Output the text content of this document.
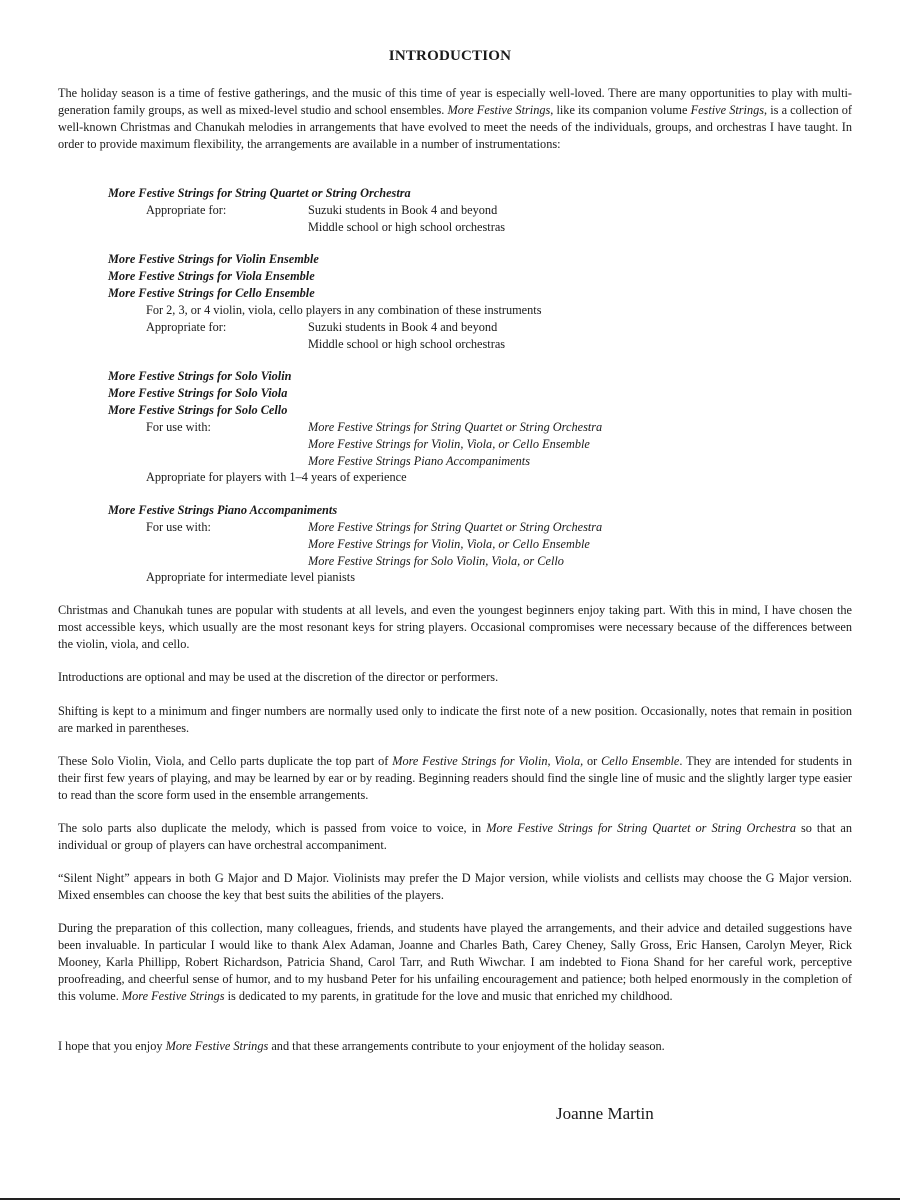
INTRODUCTION

The holiday season is a time of festive gatherings, and the music of this time of year is especially well-loved. There are many opportunities to play with multi-generation family groups, as well as mixed-level studio and school ensembles. More Festive Strings, like its companion volume Festive Strings, is a collection of well-known Christmas and Chanukah melodies in arrangements that have evolved to meet the needs of the individuals, groups, and orchestras I have taught. In order to provide maximum flexibility, the arrangements are available in a number of instrumentations:

More Festive Strings for String Quartet or String Orchestra
Appropriate for:	Suzuki students in Book 4 and beyond
Middle school or high school orchestras
More Festive Strings for Violin Ensemble
More Festive Strings for Viola Ensemble
More Festive Strings for Cello Ensemble
For 2, 3, or 4 violin, viola, cello players in any combination of these instruments
Appropriate for:	Suzuki students in Book 4 and beyond
Middle school or high school orchestras
More Festive Strings for Solo Violin
More Festive Strings for Solo Viola
More Festive Strings for Solo Cello
For use with:	More Festive Strings for String Quartet or String Orchestra
More Festive Strings for Violin, Viola, or Cello Ensemble
More Festive Strings Piano Accompaniments
Appropriate for players with 1–4 years of experience
More Festive Strings Piano Accompaniments
For use with:	More Festive Strings for String Quartet or String Orchestra
More Festive Strings for Violin, Viola, or Cello Ensemble
More Festive Strings for Solo Violin, Viola, or Cello
Appropriate for intermediate level pianists

Christmas and Chanukah tunes are popular with students at all levels, and even the youngest beginners enjoy taking part. With this in mind, I have chosen the most accessible keys, which usually are the most resonant keys for string players. Occasional compromises were necessary because of the differences between the violin, viola, and cello.

Introductions are optional and may be used at the discretion of the director or performers.

Shifting is kept to a minimum and finger numbers are normally used only to indicate the first note of a new position. Occasionally, notes that remain in position are marked in parentheses.

These Solo Violin, Viola, and Cello parts duplicate the top part of More Festive Strings for Violin, Viola, or Cello Ensemble. They are intended for students in their first few years of playing, and may be learned by ear or by reading. Beginning readers should find the single line of music and the slightly larger type easier to read than the score form used in the ensemble arrangements.

The solo parts also duplicate the melody, which is passed from voice to voice, in More Festive Strings for String Quartet or String Orchestra so that an individual or group of players can have orchestral accompaniment.

“Silent Night” appears in both G Major and D Major. Violinists may prefer the D Major version, while violists and cellists may choose the G Major version. Mixed ensembles can choose the key that best suits the abilities of the players.

During the preparation of this collection, many colleagues, friends, and students have played the arrangements, and their advice and detailed suggestions have been invaluable. In particular I would like to thank Alex Adaman, Joanne and Charles Bath, Carey Cheney, Sally Gross, Eric Hansen, Carolyn Meyer, Rick Mooney, Karla Phillipp, Robert Richardson, Patricia Shand, Carol Tarr, and Ruth Wiwchar. I am indebted to Fiona Shand for her careful work, perceptive proofreading, and cheerful sense of humor, and to my husband Peter for his unfailing encouragement and patience; both helped enormously in the completion of this volume. More Festive Strings is dedicated to my parents, in gratitude for the love and music that enriched my childhood.

I hope that you enjoy More Festive Strings and that these arrangements contribute to your enjoyment of the holiday season.

Joanne Martin
